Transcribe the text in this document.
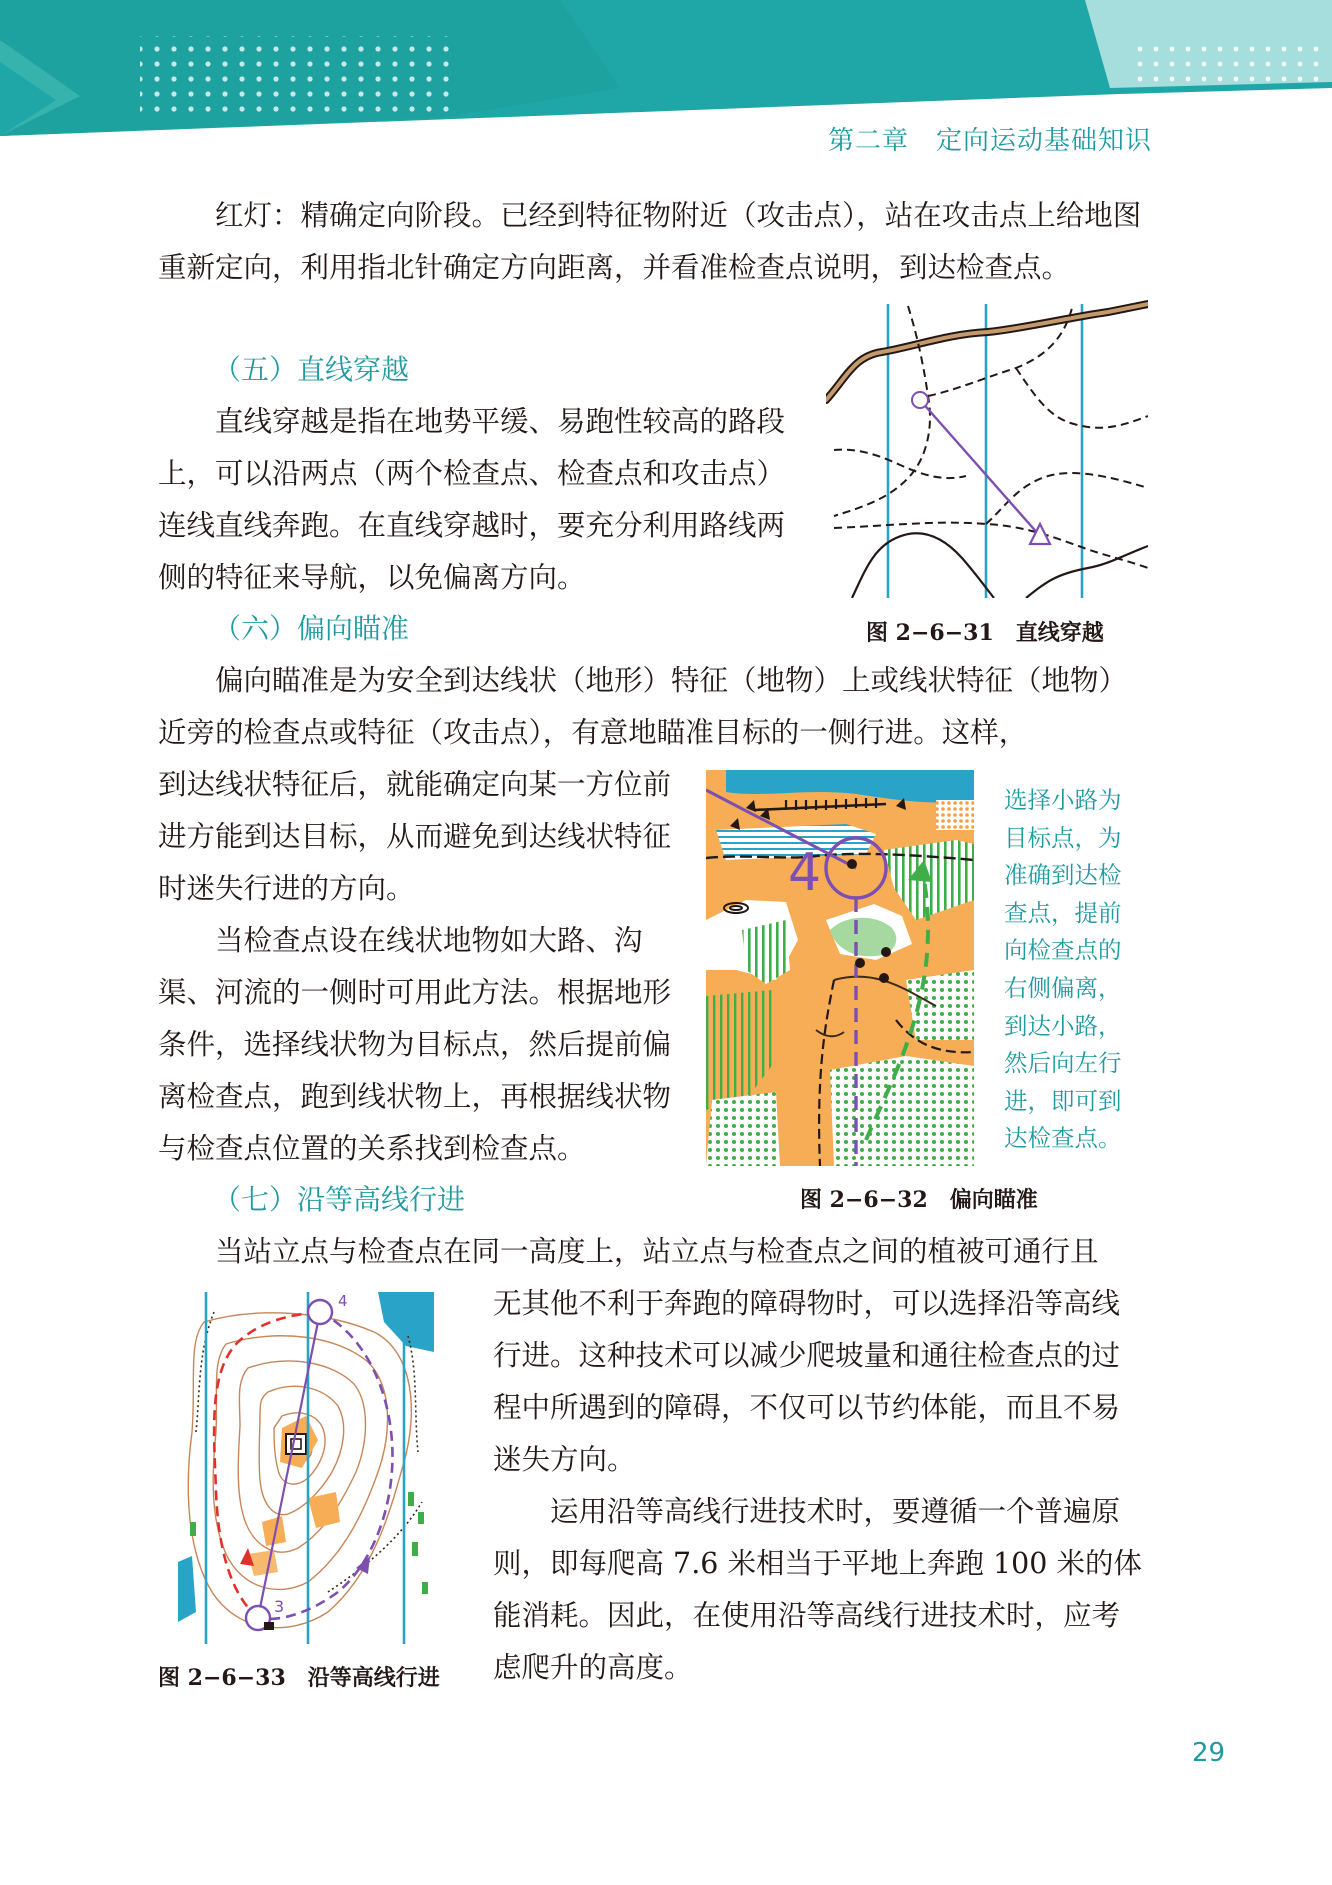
第二章　定向运动基础知识

红灯：精确定向阶段。已经到特征物附近（攻击点），站在攻击点上给地图重新定向，利用指北针确定方向距离，并看准检查点说明，到达检查点。

（五）直线穿越

直线穿越是指在地势平缓、易跑性较高的路段上，可以沿两点（两个检查点、检查点和攻击点）连线直线奔跑。在直线穿越时，要充分利用路线两侧的特征来导航，以免偏离方向。

图 2−6−31　直线穿越
（六）偏向瞄准

偏向瞄准是为安全到达线状（地形）特征（地物）上或线状特征（地物）近旁的检查点或特征（攻击点），有意地瞄准目标的一侧行进。这样，

到达线状特征后，就能确定向某一方位前进方能到达目标，从而避免到达线状特征时迷失行进的方向。

当检查点设在线状地物如大路、沟渠、河流的一侧时可用此方法。根据地形条件，选择线状物为目标点，然后提前偏离检查点，跑到线状物上，再根据线状物与检查点位置的关系找到检查点。

4
选择小路为
目标点，为
准确到达检
查点，提前
向检查点的
右侧偏离，
到达小路，
然后向左行
进，即可到
达检查点。
图 2−6−32　偏向瞄准
（七）沿等高线行进

当站立点与检查点在同一高度上，站立点与检查点之间的植被可通行且

无其他不利于奔跑的障碍物时，可以选择沿等高线行进。这种技术可以减少爬坡量和通往检查点的过程中所遇到的障碍，不仅可以节约体能，而且不易迷失方向。

运用沿等高线行进技术时，要遵循一个普遍原则，即每爬高 7.6 米相当于平地上奔跑 100 米的体能消耗。因此，在使用沿等高线行进技术时，应考虑爬升的高度。

4
3
图 2−6−33　沿等高线行进
29
